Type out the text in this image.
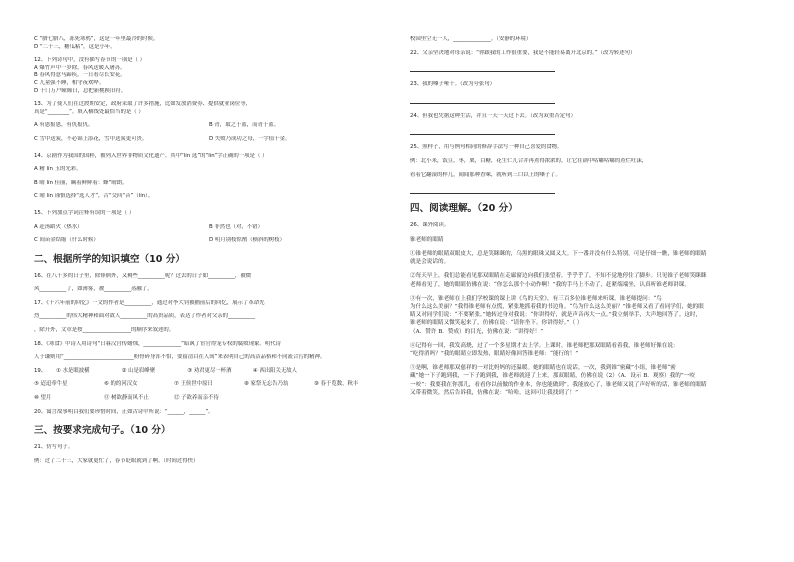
C “腊七腊八，冻死寒鸦”，这是一年里最冷的时候。
D “二十三，糖瓜粘”，这是小年。
12、下列诗句中，没有描写春节的一项是（ ）
A 爆竹声中一岁除，春风送暖入屠苏。
B 春风得意马蹄疾，一日看尽长安花。
C 儿童强不睡，相守夜欢哗。
D 千门万户曈曈日，总把新桃换旧符。
13、为了使人们在过渡期安定，政府采取了许多措施，比如发放消费券、提供就业岗位等，
真是“________”。填入横线处最恰当的是（ ）
A 有恩报恩，有仇报仇。	B 青，取之于蓝，而青于蓝。
C 雪中送炭，不必锦上添花，雪中送炭更可贵。	D 失败乃成功之母，一字值千金。
14、京剧作为我国的国粹，被列入世界非物质文化遗产。其中“lín 选”的“lín”字正确的一项是（ ）
A 精 lín 玉的光彩。
B 晴 lín 佳丽，瞒着鲜鲜着：蜂“晴朗。
C 晴 lín 谨慎选择“选人才”，古“交回“音”（lín）。
15、下列加点字词注释有误的一项是（ ）
A 赴汤蹈火（热水）	B 非然也（对，不错）
C 间苗金结缩（什么时候）	D 明月别枝惊鹊（横斜的树枝）
二、根据所学的知识填空（10 分）
16、在八千多的日子里，除徘徊外，又剩些__________呢？过去的日子如__________，被微
风__________了，如薄雾，被__________蒸融了。
17、《十六年前的回忆》一文的作者是__________，通过对李大钊被捕前后的回忆，展示了革命先
烈__________的伟大精神和面对敌人__________的高贵品质，表达了作者对父亲的__________
，除开外，文章是按__________________的顺序来叙述的。
18、《寒食》中诗人用诗句“日暮汉宫传蜡烛，______________”暗讽了宦官得宠专权的腐败现象。明代诗
人于谦则用“__________________________粉骨碎身浑不怕，要留清白在人间”来表明自己的高洁品格和不同流合污的精神。
19、	① 水是眼波横	② 山是眉峰聚	③ 劝君更尽一杯酒	④ 西出阳关无故人
⑤ 迢迢牵牛星	⑥ 的的河汉女	⑦ 王侯世中原日	⑧ 家祭无忘告乃翁	⑨ 春于览数，秋丰
⑩ 望月	⑪ 树欲静而风不止	⑫ 子欲养而亲不待
20、寓言故事明白我们要珍惜时间，正如古诗中所说：“______，______”。
三、按要求完成句子。（10 分）
21、仿写句子。
例：过了二十三，大家就更忙了，春节眨眼就到了啊。（时间过得快）
校园里空无一人，______________。（安静的环境）
22、父亲坚决地对母亲说：“你跟我的工作很重要，我是不能轻易离开北京的。”（改为转述句）
23、我的嗓子哑干。（改为夸张句）
24、但我也凭据这种生活，并且一天一天过下去。（改为双重否定句）
25、照样子，用与例句相同的修辞手法写一种自己喜爱的食物。
例：北小米，饭豆，枣，栗，白糖，花生仁儿合并再煮得浓浓的，让它在锅中咕嘟咕嘟的煮烂吐沫，
看着它翻滚的样儿，闻闻那种香味，就听到三口以上的嗓子了。
四、阅读理解。（20 分）
26、课外阅读。
锥老师的眼睛
①锥老师的眼睛双眼皮大，总是笑眯眯的，乌黑的眼珠又圆又大。下一番并没有什么特别，可是仔细一瞧，锥老师的眼睛
就是会说话的。
②每天早上，我们总能看见那双眼睛在走廊窗边向我们张望着，乎乎乎了，不知不觉地停住了脚步。只见锥子老师笑眯眯
老师看见了，她的眼睛仿佛在说：“你怎么那个小动作啊！”我的手马上不动了，赶紧端端坐，认真听锥老师讲课。
③有一次，锥老师在上我们学校课的课上讲《鸟的天堂》，有三百多位锥老师来听课。锥老师提问：“鸟
为什么这么美丽？”我得锥老师有点慌，紧张地抓着我的书边角。“鸟为什么这么美丽？”锥老师又看了看同学们，她的眼
睛又对同学们说：“不要紧张。”她转过身对我说：“你讲得好，就是声音再大一点。”我立刻举手，大声地回答了。这时，
锥老师的眼睛又微笑起来了，仿佛在说：“请你坐下。你讲得好。”（ ）
（A．赞许 B．赞成）的目光，仿佛在说：“讲得好！”
④记得有一回，我发高烧，过了一个多星期才去上学。上课时，锥老师把那双眼睛看着我，锥老师好像在说：
“吃得消吗？”我的眼睛立即发热，眼睛好像回答锥老师：“能行的！”
⑤是啊，锥老师那双慈祥的一对比妈妈的还温暖。她的眼睛也在说话。一次，我到锥“密藏”小组，锥老师“密
藏”她一下子跑到我，一下子跑到我，锥老师就迎了上来，那双眼睛，仿佛在说（2）（A．设示 B．观察）我的”一咬
一咬”：我要我在你那儿，看看你以前做的作业本，你也能做到”。我能放心了，锥老师又说了声好听的话，锥老师的眼睛
又带着微笑，然后告诉我，仿佛在说：“哈哈，这回可让我找到了！”
